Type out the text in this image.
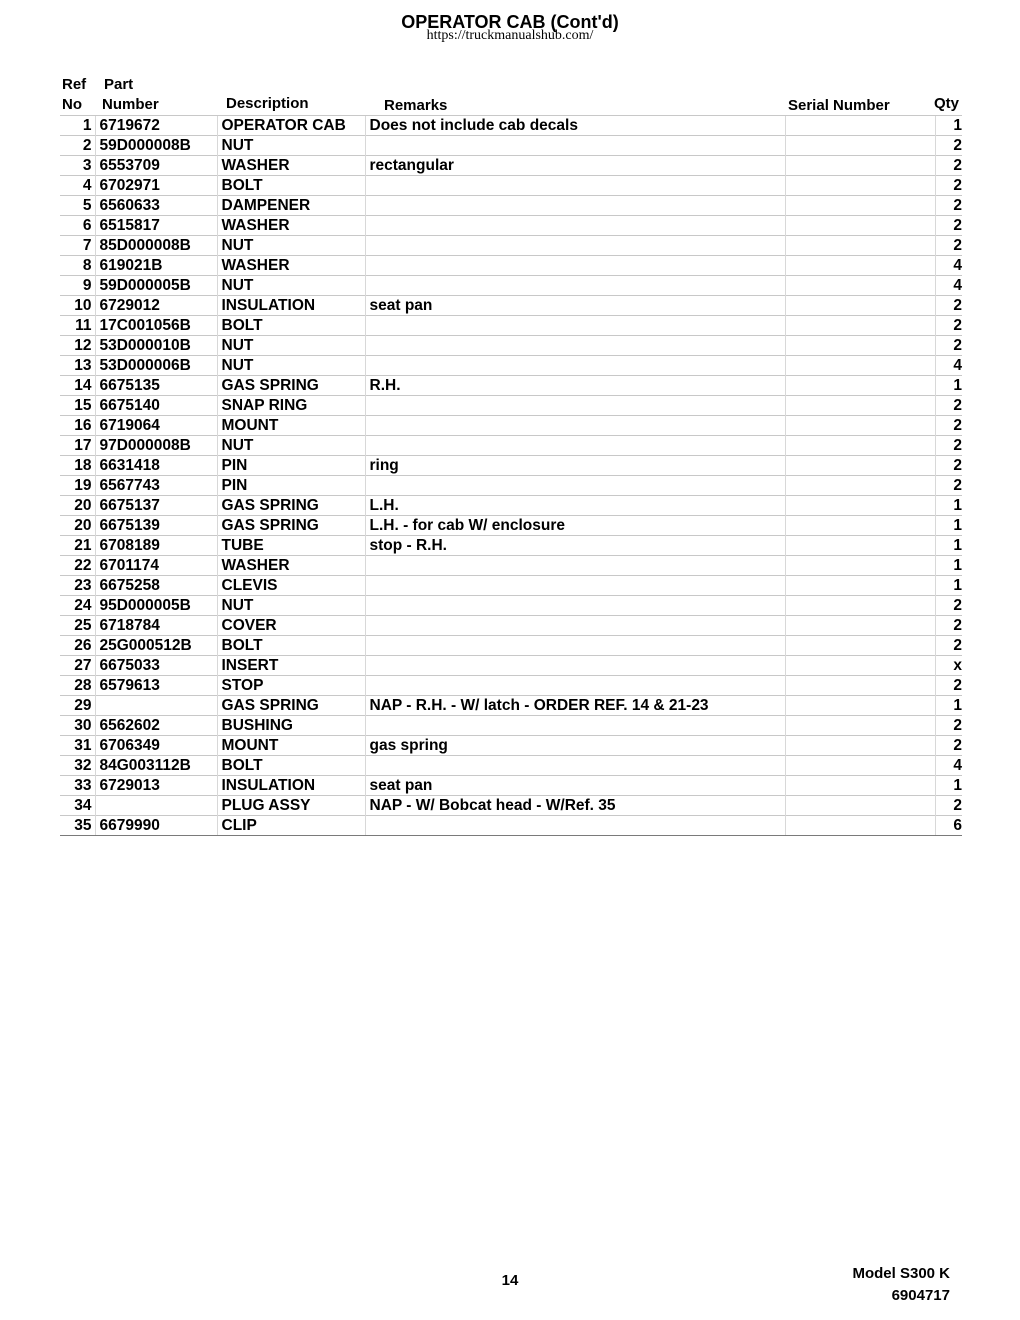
OPERATOR CAB (Cont'd)
https://truckmanualshub.com/
Ref
No
Part
Number	Description	Remarks	Serial Number	Qty
1	6719672	OPERATOR CAB	Does not include cab decals		1
2	59D000008B	NUT			2
3	6553709	WASHER	rectangular		2
4	6702971	BOLT			2
5	6560633	DAMPENER			2
6	6515817	WASHER			2
7	85D000008B	NUT			2
8	619021B	WASHER			4
9	59D000005B	NUT			4
10	6729012	INSULATION	seat pan		2
11	17C001056B	BOLT			2
12	53D000010B	NUT			2
13	53D000006B	NUT			4
14	6675135	GAS SPRING	R.H.		1
15	6675140	SNAP RING			2
16	6719064	MOUNT			2
17	97D000008B	NUT			2
18	6631418	PIN	ring		2
19	6567743	PIN			2
20	6675137	GAS SPRING	L.H.		1
20	6675139	GAS SPRING	L.H. - for cab W/ enclosure		1
21	6708189	TUBE	stop - R.H.		1
22	6701174	WASHER			1
23	6675258	CLEVIS			1
24	95D000005B	NUT			2
25	6718784	COVER			2
26	25G000512B	BOLT			2
27	6675033	INSERT			x
28	6579613	STOP			2
29		GAS SPRING	NAP - R.H. - W/ latch - ORDER REF. 14 & 21-23		1
30	6562602	BUSHING			2
31	6706349	MOUNT	gas spring		2
32	84G003112B	BOLT			4
33	6729013	INSULATION	seat pan		1
34		PLUG ASSY	NAP - W/ Bobcat head - W/Ref. 35		2
35	6679990	CLIP			6
14	Model S300 K
6904717
